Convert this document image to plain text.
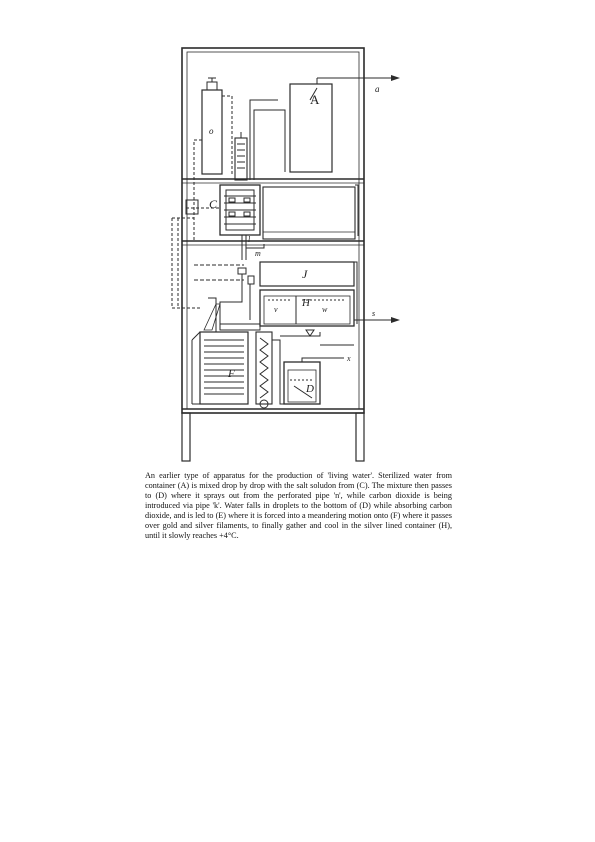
A
a
o
C
l
m
J
H
v	w	s
F
D
x

An earlier type of apparatus for the production of 'living water'. Sterilized water from container (A) is mixed drop by drop with the salt soludon from (C). The mixture then passes to (D) where it sprays out from the perforated pipe 'n', while carbon dioxide is being introduced via pipe 'k'. Water falls in droplets to the bottom of (D) while absorbing carbon dioxide, and is led to (E) where it is forced into a meandering motion onto (F) where it passes over gold and silver filaments, to finally gather and cool in the silver lined container (H), until it slowly reaches +4°C.
